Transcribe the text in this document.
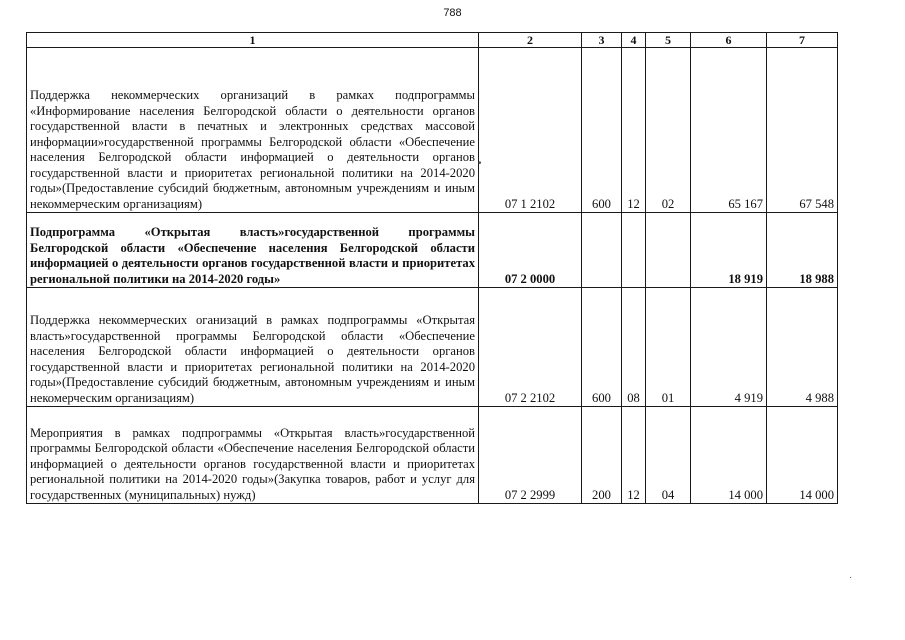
788
1	2	3	4	5	6	7
Поддержка некоммерческих организаций в рамках подпрограммы «Информирование населения Белгородской области о деятельности органов государственной власти в печатных и электронных средствах массовой информации»государственной программы Белгородской области «Обеспечение населения Белгородской области информацией о деятельности органов государственной власти и приоритетах региональной политики на 2014-2020 годы»(Предоставление субсидий бюджетным, автономным учреждениям и иным некоммерческим организациям)	07 1 2102	600	12	02	65 167	67 548
Подпрограмма «Открытая власть»государственной программы Белгородской области «Обеспечение населения Белгородской области информацией о деятельности органов государственной власти и приоритетах региональной политики на 2014-2020 годы»	07 2 0000				18 919	18 988
Поддержка некоммерческих оганизаций в рамках подпрограммы «Открытая власть»государственной программы Белгородской области «Обеспечение населения Белгородской области информацией о деятельности органов государственной власти и приоритетах региональной политики на 2014-2020 годы»(Предоставление субсидий бюджетным, автономным учреждениям и иным некомерческим организациям)	07 2 2102	600	08	01	4 919	4 988
Мероприятия в рамках подпрограммы «Открытая власть»государственной программы Белгородской области «Обеспечение населения Белгородской области информацией о деятельности органов государственной власти и приоритетах региональной политики на 2014-2020 годы»(Закупка товаров, работ и услуг для государственных (муниципальных) нужд)	07 2 2999	200	12	04	14 000	14 000
•
·
